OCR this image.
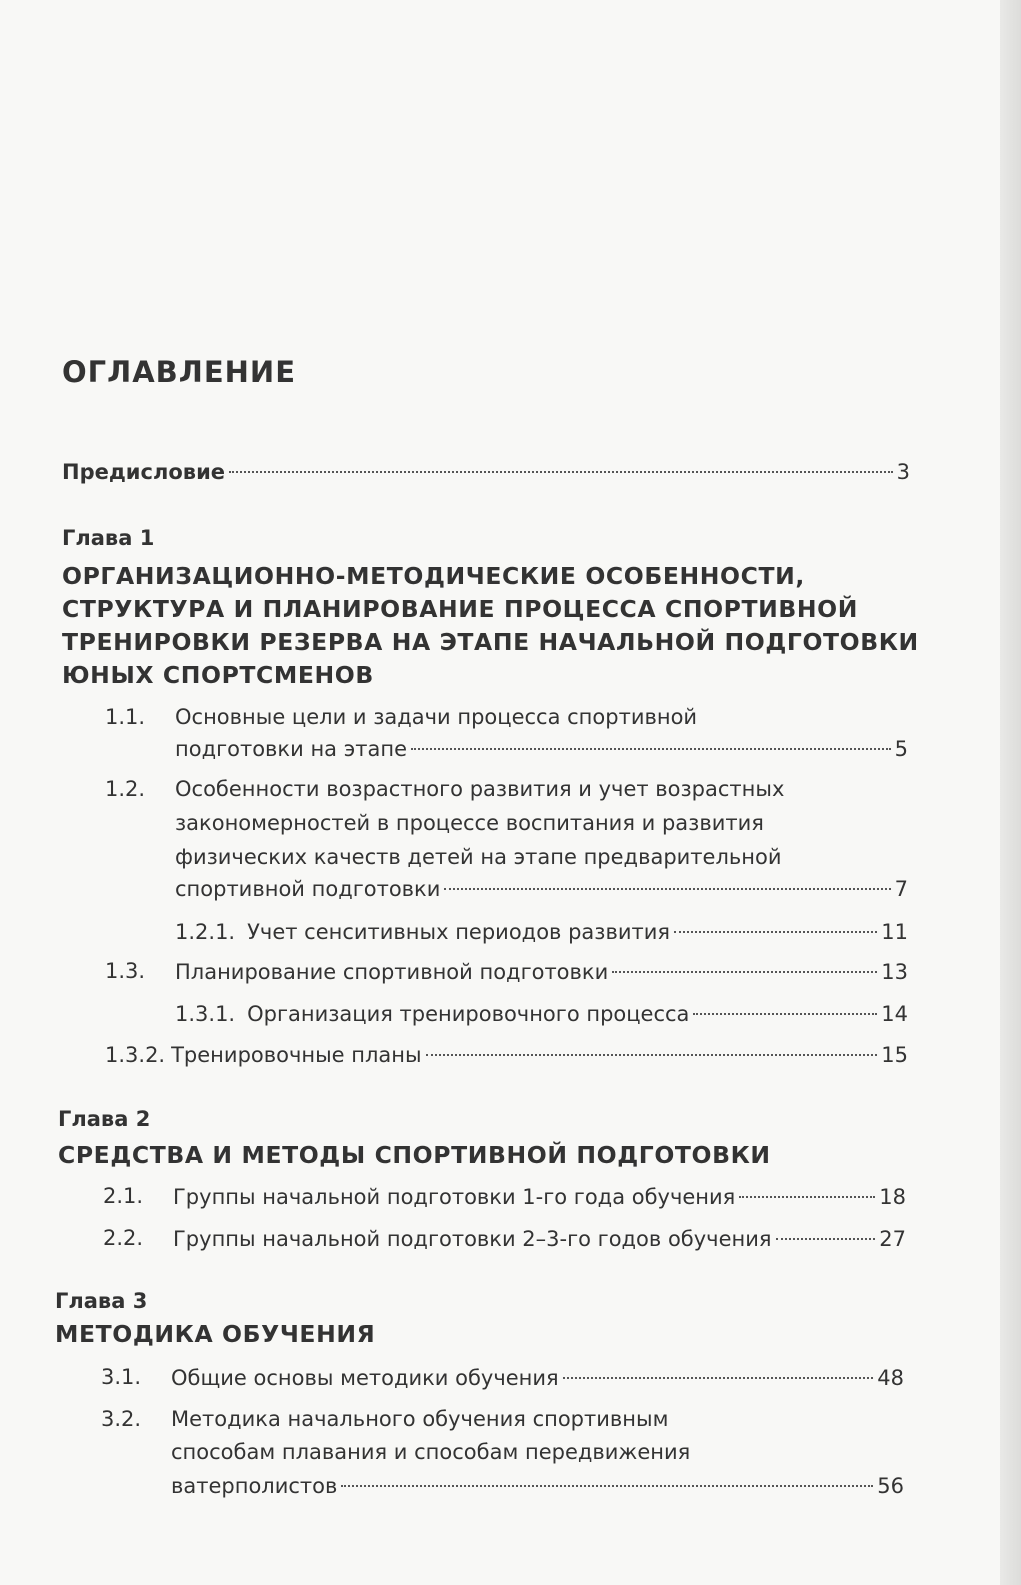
ОГЛАВЛЕНИЕ
Предисловие	3
Глава 1
ОРГАНИЗАЦИОННО-МЕТОДИЧЕСКИЕ ОСОБЕННОСТИ,
СТРУКТУРА И ПЛАНИРОВАНИЕ ПРОЦЕССА СПОРТИВНОЙ
ТРЕНИРОВКИ РЕЗЕРВА НА ЭТАПЕ НАЧАЛЬНОЙ ПОДГОТОВКИ
ЮНЫХ СПОРТСМЕНОВ
1.1. Основные цели и задачи процесса спортивной
подготовки на этапе	5
1.2. Особенности возрастного развития и учет возрастных
закономерностей в процессе воспитания и развития
физических качеств детей на этапе предварительной
спортивной подготовки	7
1.2.1. Учет сенситивных периодов развития	11
1.3. Планирование спортивной подготовки	13
1.3.1. Организация тренировочного процесса	14
1.3.2. Тренировочные планы	15
Глава 2
СРЕДСТВА И МЕТОДЫ СПОРТИВНОЙ ПОДГОТОВКИ
2.1. Группы начальной подготовки 1-го года обучения	18
2.2. Группы начальной подготовки 2–3-го годов обучения	27
Глава 3
МЕТОДИКА ОБУЧЕНИЯ
3.1. Общие основы методики обучения	48
3.2. Методика начального обучения спортивным
способам плавания и способам передвижения
ватерполистов	56
